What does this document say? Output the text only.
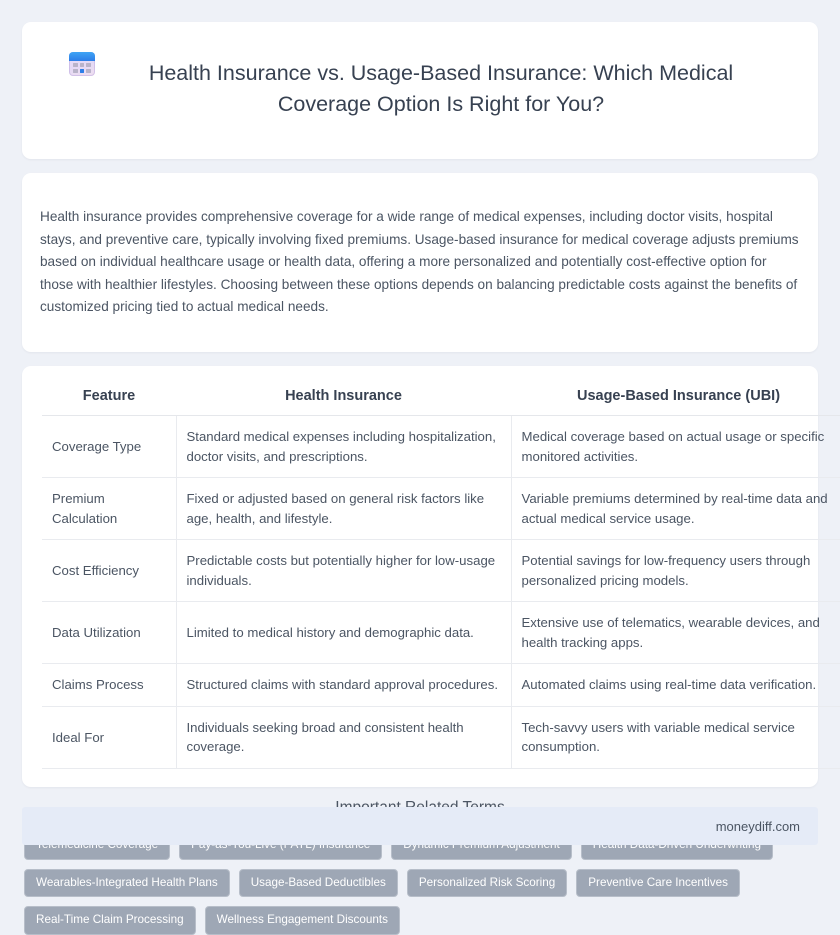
Health Insurance vs. Usage-Based Insurance: Which Medical Coverage Option Is Right for You?

Health insurance provides comprehensive coverage for a wide range of medical expenses, including doctor visits, hospital stays, and preventive care, typically involving fixed premiums. Usage-based insurance for medical coverage adjusts premiums based on individual healthcare usage or health data, offering a more personalized and potentially cost-effective option for those with healthier lifestyles. Choosing between these options depends on balancing predictable costs against the benefits of customized pricing tied to actual medical needs.

Feature	Health Insurance	Usage-Based Insurance (UBI)
Coverage Type	Standard medical expenses including hospitalization, doctor visits, and prescriptions.	Medical coverage based on actual usage or specific monitored activities.
Premium Calculation	Fixed or adjusted based on general risk factors like age, health, and lifestyle.	Variable premiums determined by real-time data and actual medical service usage.
Cost Efficiency	Predictable costs but potentially higher for low-usage individuals.	Potential savings for low-frequency users through personalized pricing models.
Data Utilization	Limited to medical history and demographic data.	Extensive use of telematics, wearable devices, and health tracking apps.
Claims Process	Structured claims with standard approval procedures.	Automated claims using real-time data verification.
Ideal For	Individuals seeking broad and consistent health coverage.	Tech-savvy users with variable medical service consumption.
Wearables-Integrated Health Plans	Usage-Based Deductibles	Personalized Risk Scoring	Preventive Care Incentives
Real-Time Claim Processing	Wellness Engagement Discounts
moneydiff.com
